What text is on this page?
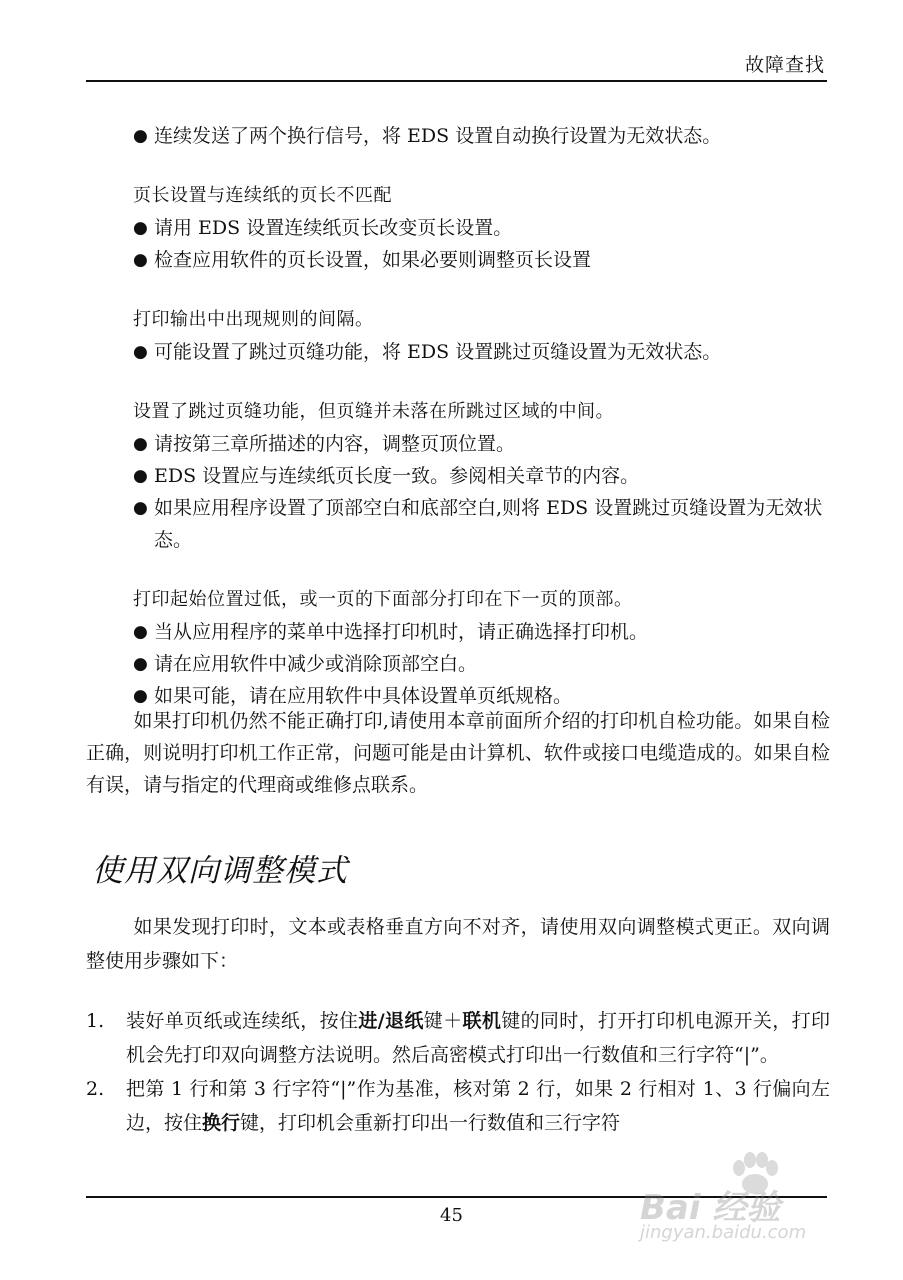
故障查找
● 连续发送了两个换行信号，将 EDS 设置自动换行设置为无效状态。
页长设置与连续纸的页长不匹配
● 请用 EDS 设置连续纸页长改变页长设置。
● 检查应用软件的页长设置，如果必要则调整页长设置
打印输出中出现规则的间隔。
● 可能设置了跳过页缝功能，将 EDS 设置跳过页缝设置为无效状态。
设置了跳过页缝功能，但页缝并未落在所跳过区域的中间。
● 请按第三章所描述的内容，调整页顶位置。
● EDS 设置应与连续纸页长度一致。参阅相关章节的内容。
● 如果应用程序设置了顶部空白和底部空白,则将 EDS 设置跳过页缝设置为无效状态。
打印起始位置过低，或一页的下面部分打印在下一页的顶部。
● 当从应用程序的菜单中选择打印机时，请正确选择打印机。
● 请在应用软件中减少或消除顶部空白。
● 如果可能，请在应用软件中具体设置单页纸规格。
如果打印机仍然不能正确打印,请使用本章前面所介绍的打印机自检功能。如果自检正确，则说明打印机工作正常，问题可能是由计算机、软件或接口电缆造成的。如果自检有误，请与指定的代理商或维修点联系。
使用双向调整模式
如果发现打印时，文本或表格垂直方向不对齐，请使用双向调整模式更正。双向调整使用步骤如下：
1.	装好单页纸或连续纸，按住进/退纸键＋联机键的同时，打开打印机电源开关，打印机会先打印双向调整方法说明。然后高密模式打印出一行数值和三行字符“|”。
2.	把第 1 行和第 3 行字符“|”作为基准，核对第 2 行，如果 2 行相对 1、3 行偏向左边，按住换行键，打印机会重新打印出一行数值和三行字符
45	Bai 经验
jingyan.baidu.com
